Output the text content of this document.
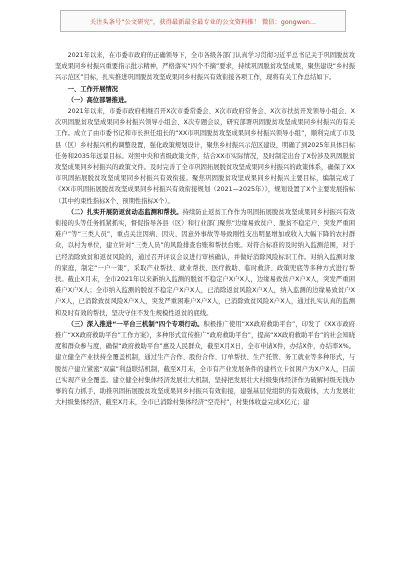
关注头条号“公文研究”，获得最新最全最专业的公文资料推！ 微信：gongwen...

2021年以来，在市委市政府的正确领导下，全市各级各部门认真学习贯彻习近平总书记关于巩固脱贫攻坚成果同乡村振兴重要指示批示精神，严格落实“四个不摘”要求，持续巩固脱贫攻坚成果，聚焦建设“乡村振兴示范区”目标，扎实推进巩固脱贫攻坚成果同乡村振兴有效衔接各项工作，现将有关工作总结如下。

一、工作开展情况

（一）高位部署推进。

2021年以来，市委市政府相继召开X次市委常委会、X次市政府常务会、X次市扶贫开发领导小组会、X次巩固脱贫攻坚成果同乡村振兴领导小组会、X次专题会议，研究部署巩固脱贫攻坚成果同乡村振兴的有关工作。成立了由市委书记和市长担任组长的“XX市巩固脱贫攻坚成果同乡村振兴领导小组”，顺利完成了市及县（区）乡村振兴机构调整设置，强化政策规划设计，聚焦乡村振兴示范区建设，明确了到2025年具体目标任务和2035年远景目标。对照中央和省级政策文件，结合XX市实际情况，及时制定出台了X份涉及巩固脱贫攻坚成果同乡村振兴的政策文件。及时完善了全市巩固拓展脱贫攻坚成果同乡村振兴的政策体系，确保了XX市巩固拓展脱贫攻坚成果同乡村振兴有效衔接。聚焦巩固脱贫攻坚成果同乡村振兴主要目标，编制完成了《XX市巩固拓展脱贫攻坚成果同乡村振兴有效衔接规划（2021—2025年）》，规划设置了X个主要发展指标（其中约束性指标X个、预期性指标X个）。

（二）扎实开展防返贫动态监测和帮扶。持续防止返贫工作作为巩固拓展脱贫攻坚成果同乡村振兴有效衔接的头等任务抓紧抓实，督促指导各县（区）和行业部门聚焦“边缘易致贫户、脱贫不稳定户、突发严重困难户”等“三类人员”，重点关注因病、因灾、因意外事故等导致刚性支出明显增加或收入大幅下降的农村群众，以村为单位，建立针对“三类人员”的风险排查台账和帮扶台账。对符合标准的及时纳入监测范围，对于已经消除致贫和返贫风险的，通过召开评议会议进行审核确认，并做好消除风险标识工作。对纳入监测对象的家庭，制定“一户一策”，采取产业帮扶、就业帮扶、医疗救助、临时救济、政策兜底等多种方式进行帮扶。截止X月末，全市2021年以来新纳入监测的脱贫不稳定户X户X人，边缘易致贫户X户X人，突发严重困难户X户X人；全市纳入监测的脱贫不稳定户X户X人，已消除返贫风险X户X人，纳入监测的边缘易致贫户X户X人，已消除致贫风险X户X人，突发严重困难户X户X人，已消除致贫风险X户X人，通过扎实认真的监测和及时有效的帮扶，坚决守住不发生规模性返贫的底线。

（三）深入推进“一平台三机制”四个专项行动。积极推广使用“XX政府救助平台”，印发了《XX市政府推广“XX政府救助平台”工作方案》，多种形式宣传推广“政府救助平台”，提高“XX政府救助平台”的社会知晓度和群众参与度，确保“政府救助平台”惠及人民群众，截至X月X日，全市申请X件，办结X件，办结率X%。建立健全产业扶持全覆盖机制，通过生产合作、股份合作、订单帮扶、生产托管、务工就业等多种形式，与脱贫户建立紧密“双赢”利益联结机制，截至X月末，全市有产业发展条件的建档立卡贫困户为X户X人，目前已实现产业全覆盖。建立健全村集体经济发展壮大机制，坚持把发展壮大村级集体经济作为破解村级无钱办事的有力抓手，助推巩固拓展脱贫攻坚成果同乡村振兴有效衔接，建强基层党组织的有效载体，大力发展壮大村级集体经济，截至X月末，全市已消除村集体经济“空壳村”，村集体收益完成X亿元；建
